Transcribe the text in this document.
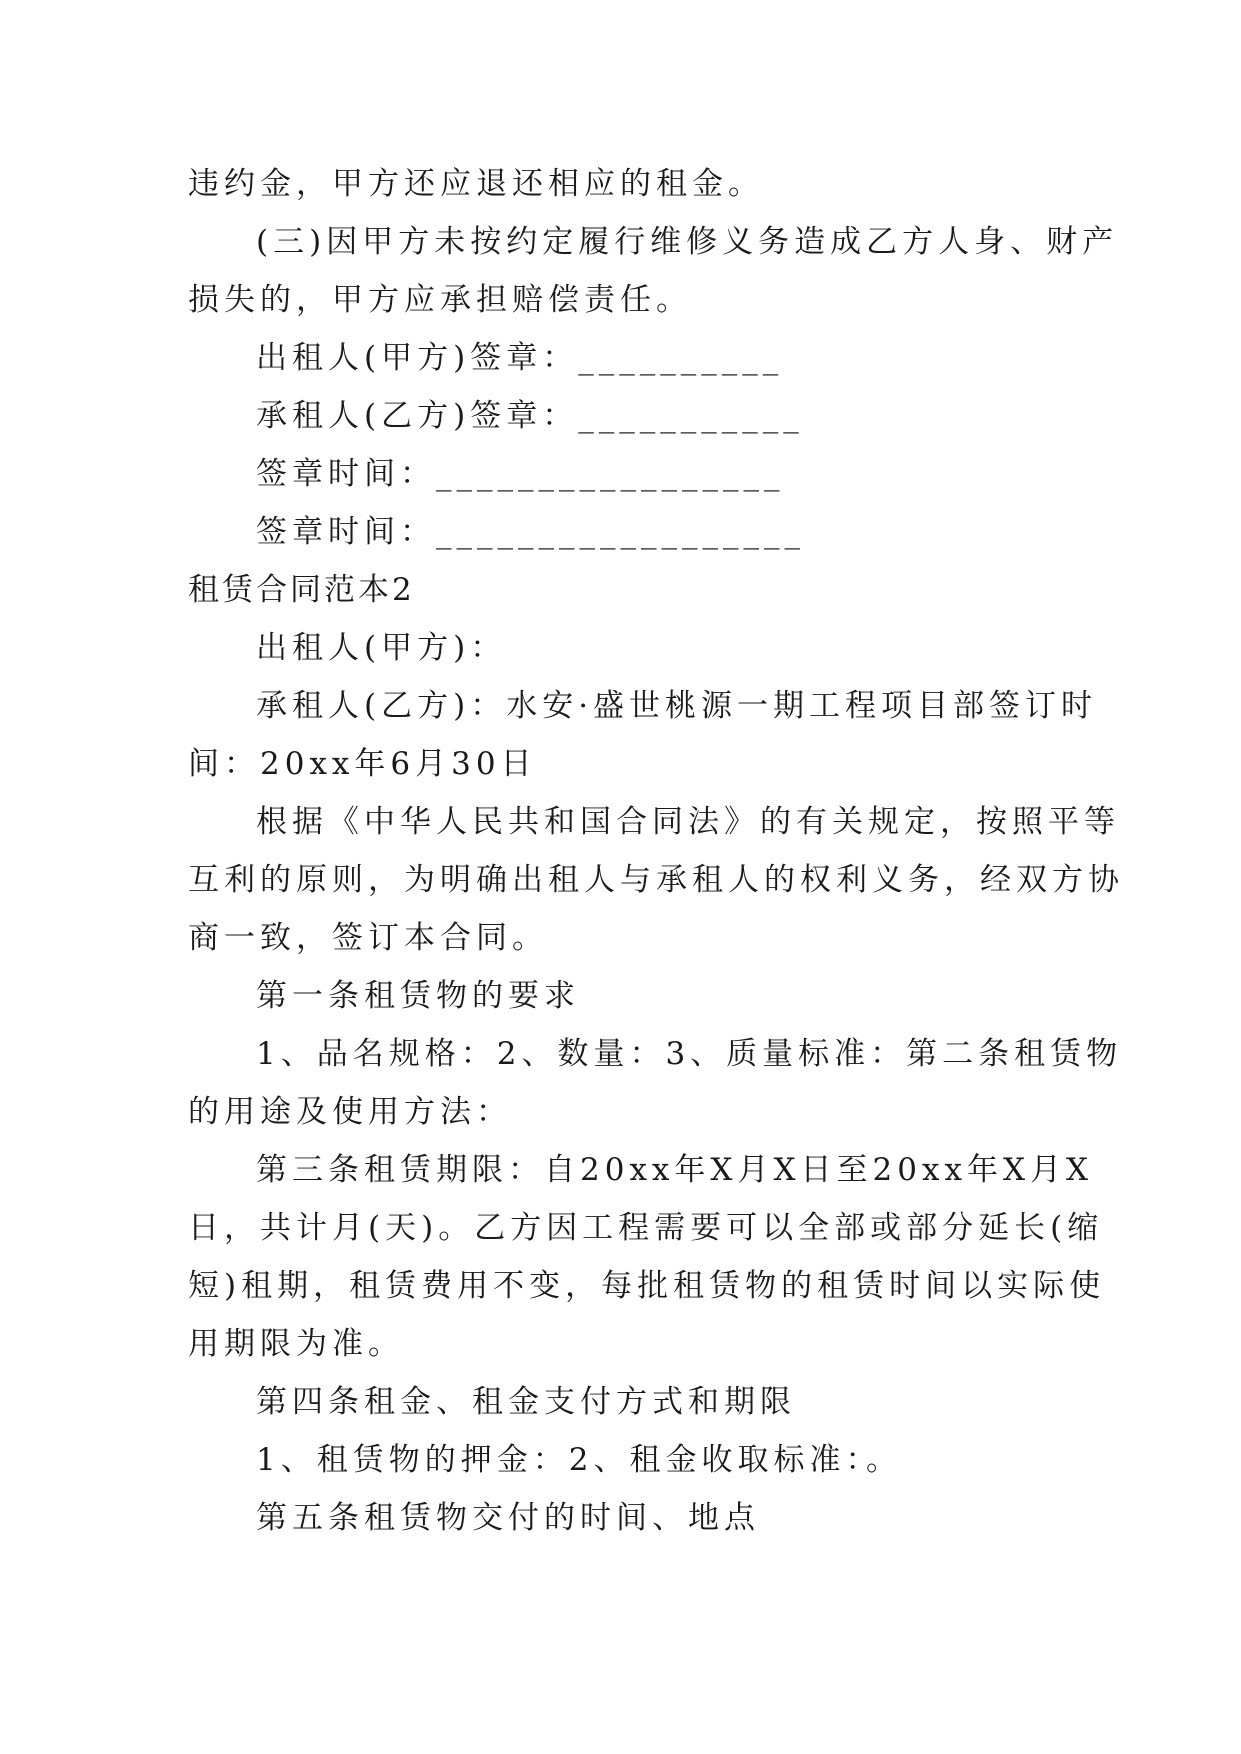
违约金，甲方还应退还相应的租金。
(三)因甲方未按约定履行维修义务造成乙方人身、财产
损失的，甲方应承担赔偿责任。
出租人(甲方)签章：__________
承租人(乙方)签章：___________
签章时间：_________________
签章时间：__________________
租赁合同范本2
出租人(甲方)：
承租人(乙方)：水安·盛世桃源一期工程项目部签订时
间：20xx年6月30日
根据《中华人民共和国合同法》的有关规定，按照平等
互利的原则，为明确出租人与承租人的权利义务，经双方协
商一致，签订本合同。
第一条租赁物的要求
1、品名规格：2、数量：3、质量标准：第二条租赁物
的用途及使用方法：
第三条租赁期限：自20xx年X月X日至20xx年X月X
日，共计月(天)。乙方因工程需要可以全部或部分延长(缩
短)租期，租赁费用不变，每批租赁物的租赁时间以实际使
用期限为准。
第四条租金、租金支付方式和期限
1、租赁物的押金：2、租金收取标准：。
第五条租赁物交付的时间、地点
